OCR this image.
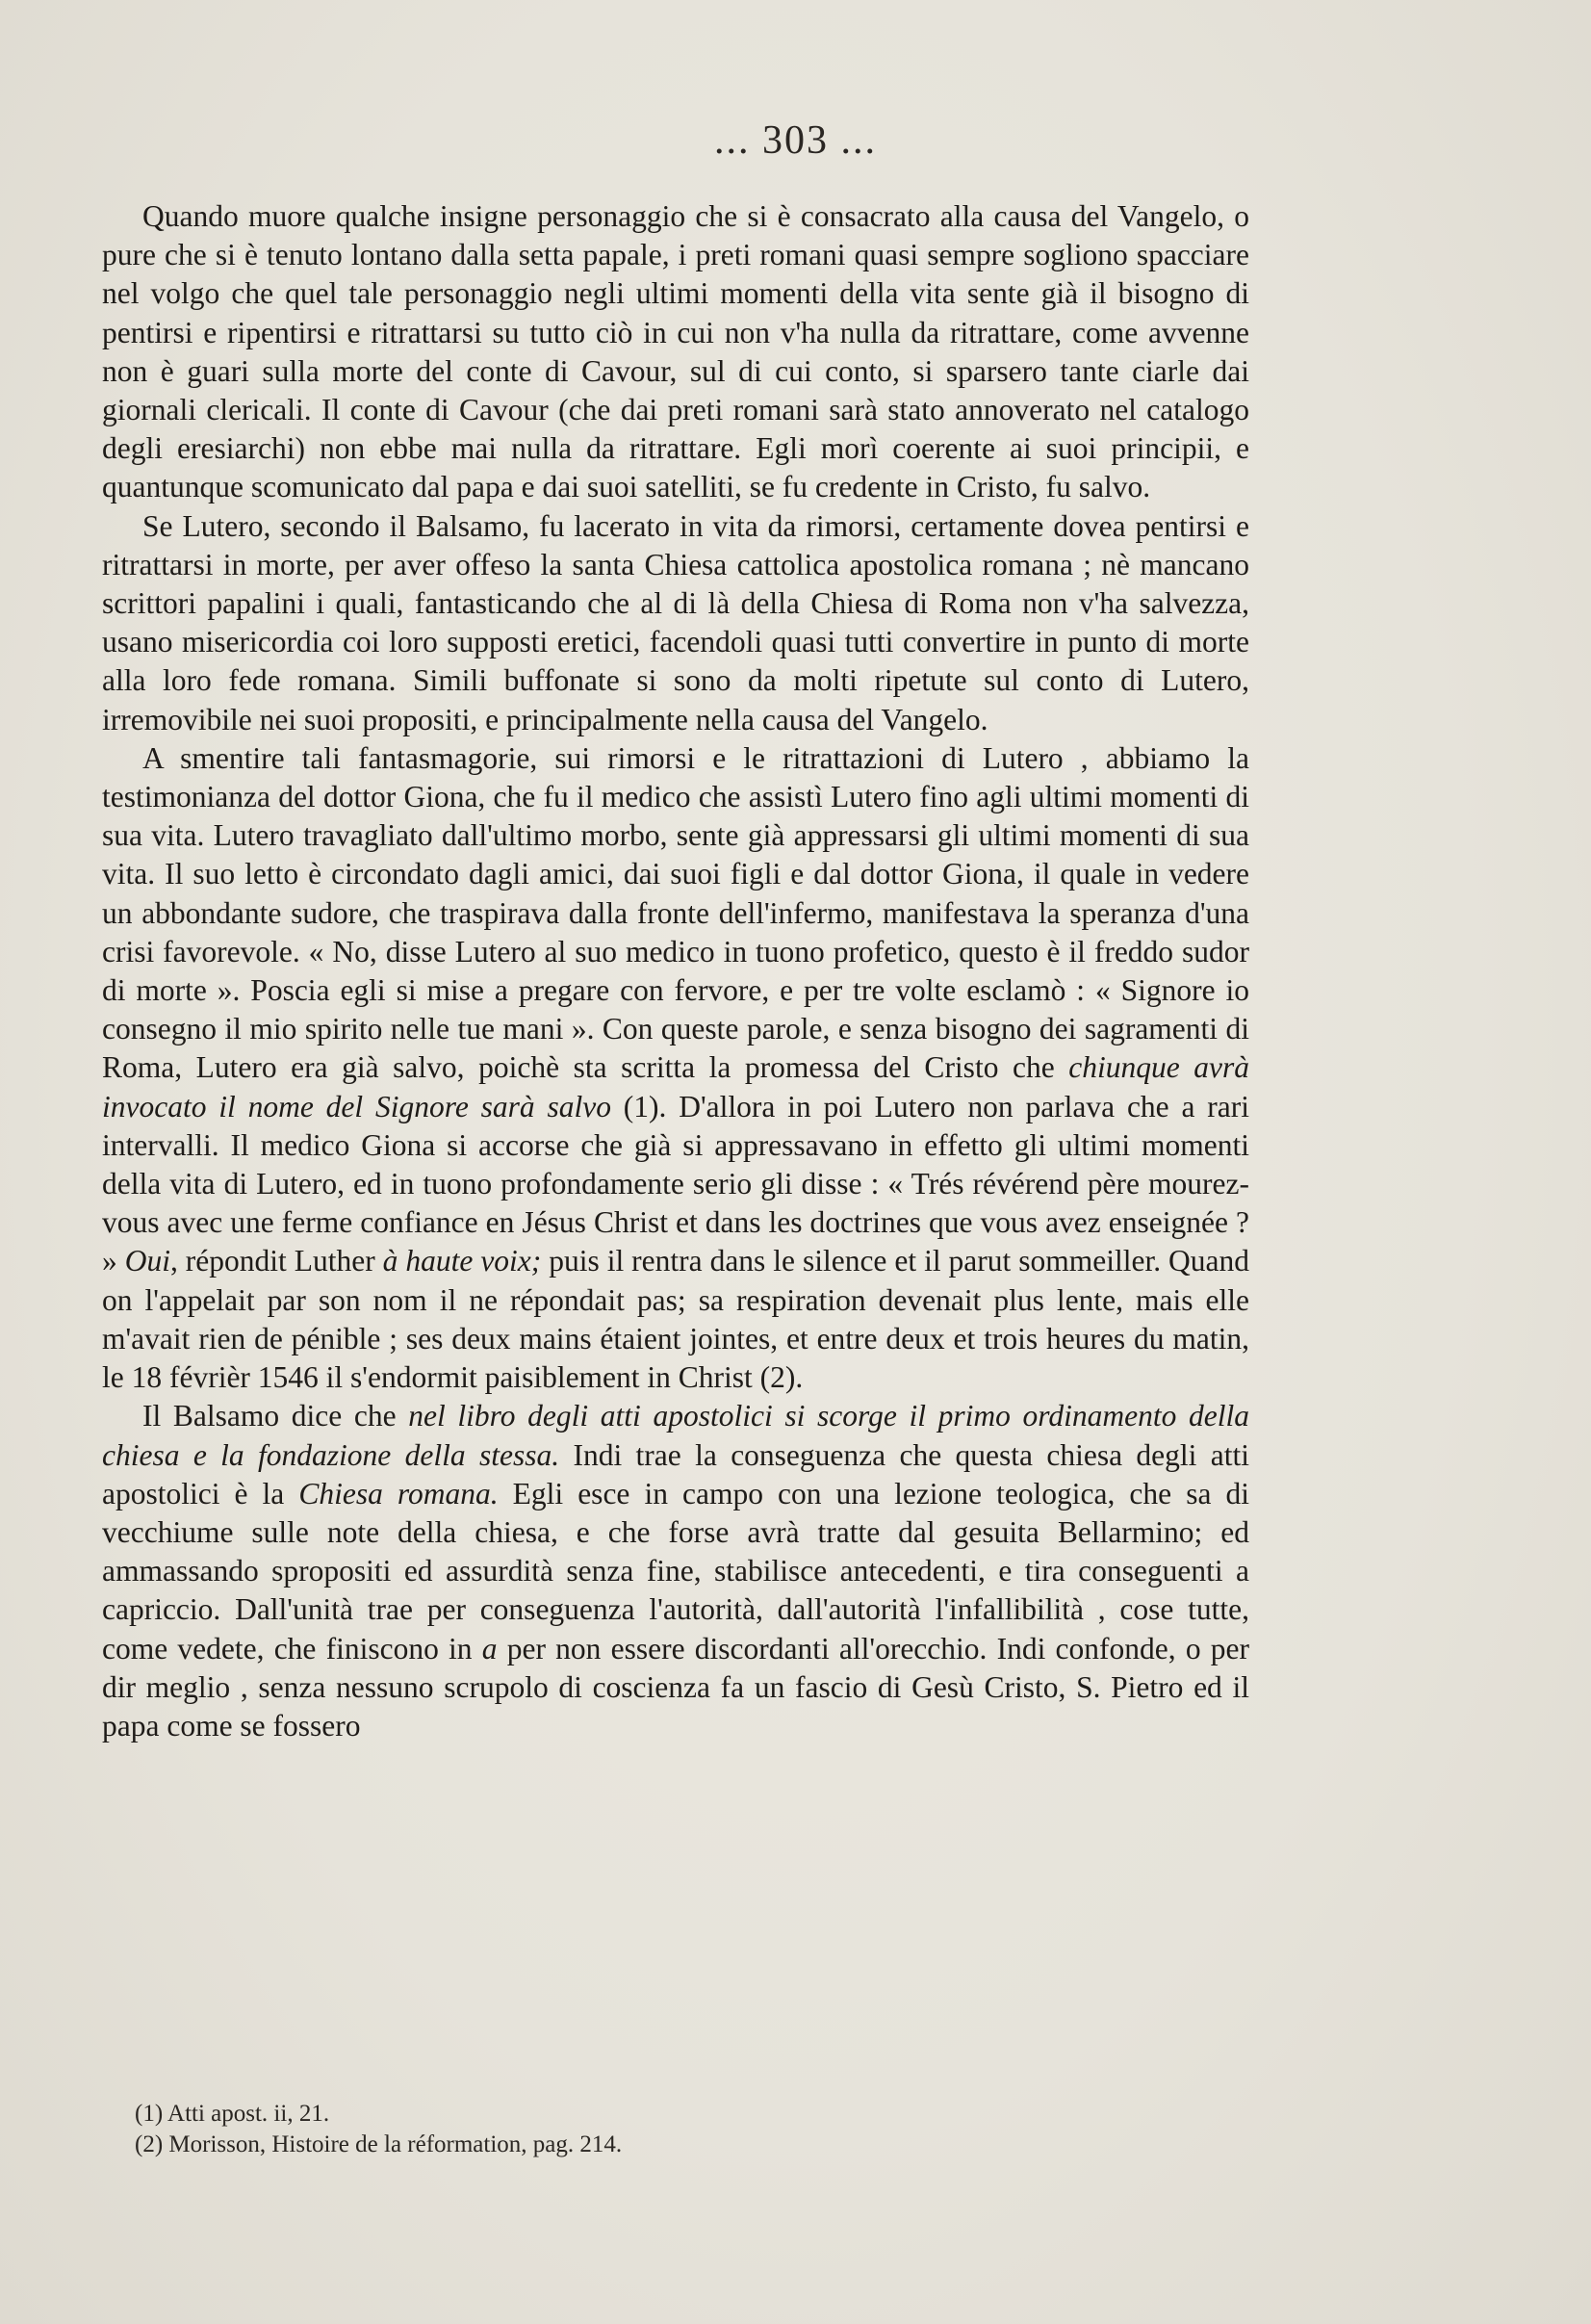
... 303 ...

Quando muore qualche insigne personaggio che si è consacrato alla causa del Vangelo, o pure che si è tenuto lontano dalla setta papale, i preti romani quasi sempre sogliono spacciare nel volgo che quel tale personaggio negli ultimi momenti della vita sente già il bisogno di pentirsi e ripentirsi e ritrattarsi su tutto ciò in cui non v'ha nulla da ritrattare, come avvenne non è guari sulla morte del conte di Cavour, sul di cui conto, si sparsero tante ciarle dai giornali clericali. Il conte di Cavour (che dai preti romani sarà stato annoverato nel catalogo degli eresiarchi) non ebbe mai nulla da ritrattare. Egli morì coerente ai suoi principii, e quantunque scomunicato dal papa e dai suoi satelliti, se fu credente in Cristo, fu salvo.

Se Lutero, secondo il Balsamo, fu lacerato in vita da rimorsi, certamente dovea pentirsi e ritrattarsi in morte, per aver offeso la santa Chiesa cattolica apostolica romana ; nè mancano scrittori papalini i quali, fantasticando che al di là della Chiesa di Roma non v'ha salvezza, usano misericordia coi loro supposti eretici, facendoli quasi tutti convertire in punto di morte alla loro fede romana. Simili buffonate si sono da molti ripetute sul conto di Lutero, irremovibile nei suoi propositi, e principalmente nella causa del Vangelo.

A smentire tali fantasmagorie, sui rimorsi e le ritrattazioni di Lutero , abbiamo la testimonianza del dottor Giona, che fu il medico che assistì Lutero fino agli ultimi momenti di sua vita. Lutero travagliato dall'ultimo morbo, sente già appressarsi gli ultimi momenti di sua vita. Il suo letto è circondato dagli amici, dai suoi figli e dal dottor Giona, il quale in vedere un abbondante sudore, che traspirava dalla fronte dell'infermo, manifestava la speranza d'una crisi favorevole. « No, disse Lutero al suo medico in tuono profetico, questo è il freddo sudor di morte ». Poscia egli si mise a pregare con fervore, e per tre volte esclamò : « Signore io consegno il mio spirito nelle tue mani ». Con queste parole, e senza bisogno dei sagramenti di Roma, Lutero era già salvo, poichè sta scritta la promessa del Cristo che chiunque avrà invocato il nome del Signore sarà salvo (1). D'allora in poi Lutero non parlava che a rari intervalli. Il medico Giona si accorse che già si appressavano in effetto gli ultimi momenti della vita di Lutero, ed in tuono profondamente serio gli disse : « Trés révérend père mourez-vous avec une ferme confiance en Jésus Christ et dans les doctrines que vous avez enseignée ? » Oui, répondit Luther à haute voix; puis il rentra dans le silence et il parut sommeiller. Quand on l'appelait par son nom il ne répondait pas; sa respiration devenait plus lente, mais elle m'avait rien de pénible ; ses deux mains étaient jointes, et entre deux et trois heures du matin, le 18 févrièr 1546 il s'endormit paisiblement in Christ (2).

Il Balsamo dice che nel libro degli atti apostolici si scorge il primo ordinamento della chiesa e la fondazione della stessa. Indi trae la conseguenza che questa chiesa degli atti apostolici è la Chiesa romana. Egli esce in campo con una lezione teologica, che sa di vecchiume sulle note della chiesa, e che forse avrà tratte dal gesuita Bellarmino; ed ammassando spropositi ed assurdità senza fine, stabilisce antecedenti, e tira conseguenti a capriccio. Dall'unità trae per conseguenza l'autorità, dall'autorità l'infallibilità , cose tutte, come vedete, che finiscono in a per non essere discordanti all'orecchio. Indi confonde, o per dir meglio , senza nessuno scrupolo di coscienza fa un fascio di Gesù Cristo, S. Pietro ed il papa come se fossero

(1) Atti apost. ii, 21.

(2) Morisson, Histoire de la réformation, pag. 214.
